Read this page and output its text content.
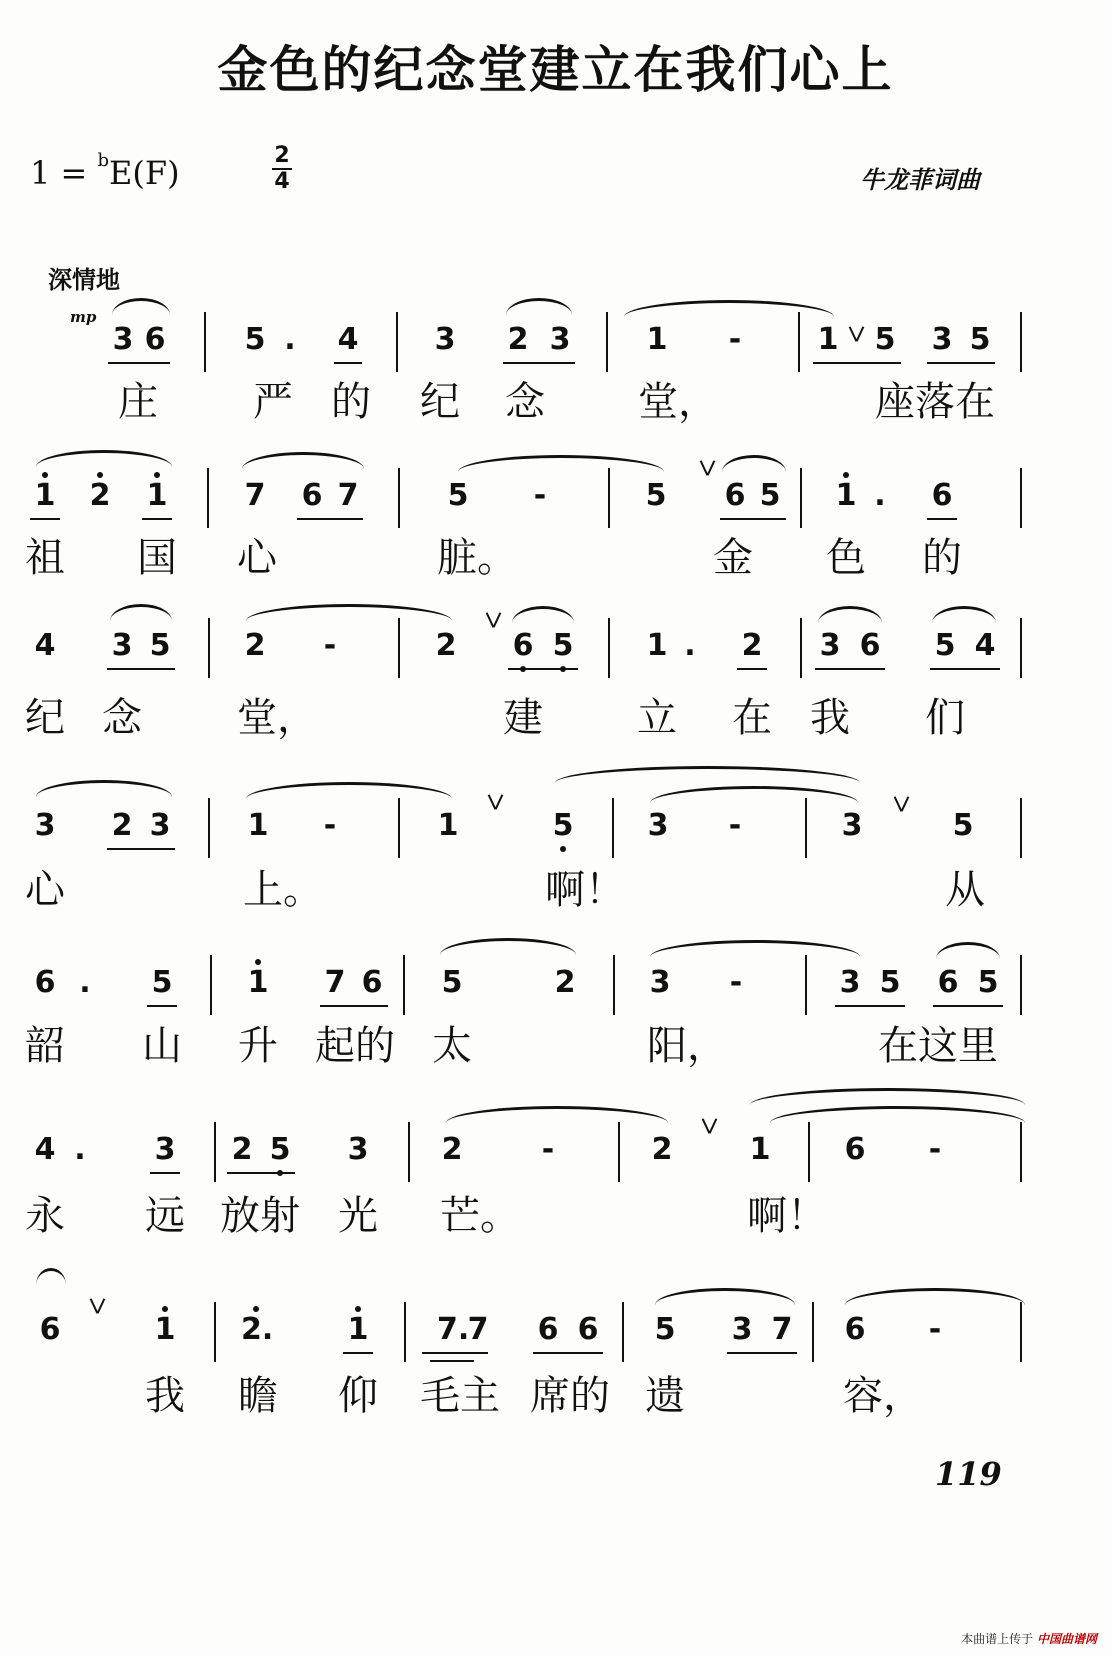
金色的纪念堂建立在我们心上
1 = $^b$E(F)	2
4	牛龙菲词曲
深情地
mp
3 6	5 .	4	3 2 3	1 -	1 5 3 5
庄 严 的 纪 念 堂，	座落在
1 2 1	7 6 7	5 -	5 6 5 1 .	6
祖 国 心	脏。	金 色 的
4 3 5 2 -	2 6 5 1 .	2 3 6 5 4
纪 念 堂，	建 立 在 我 们
3 2 3	1 -	1	5 3 -	3	5
心	上。	啊！	从
6 .	5	1 7 6 5	2 3 -	3 5 6 5
韶 山 升 起的 太	阳，	在这里
4 .	3 2 5 3 2	-	2	1 6 -
永 远 放射 光 芒。	啊！
6	1 2. 1 7.
7 6 6 5 3 7 6 -
我 瞻 仰 毛主 席的 遗	容，
119
本曲谱上传于 中国曲谱网
